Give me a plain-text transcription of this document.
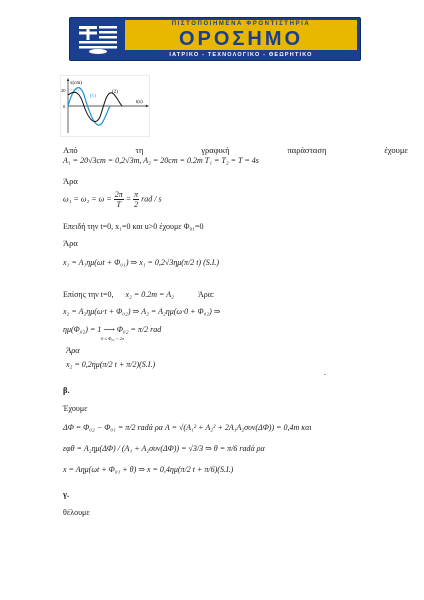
ΠΙΣΤΟΠΟΙΗΜΕΝΑ ΦΡΟΝΤΙΣΤΗΡΙΑ
ΟΡΟΣΗΜΟ
ΙΑΤΡΙΚΟ - ΤΕΧΝΟΛΟΓΙΚΟ - ΘΕΩΡΗΤΙΚΟ
x(cm)
20
0
t(s)
(1)
(2)
Από	τη	γραφική	παράσταση	έχουμε
A₁ = 20√3cm = 0,2√3m, A₂ = 20cm = 0.2m T₁ = T₂ = T = 4s
Άρα
$\omega_1 = \omega_2 = \omega = \frac{2\pi}{T} = \frac{\pi}{2}$ rad / s
Επειδή την t=0, x₁=0 και u>0 έχουμε Φ₀₁=0
Άρα
x₁ = A₁ημ(ωt + Φ₀₁) ⇒ x₁ = 0,2√3ημ(π/2 t) (S.I.)
Επίσης την t=0, x₂ = 0.2m = A₂	Άρα:
x₂ = A₂ημ(ω·t + Φ₀₂) ⇒ A₂ = A₂ημ(ω·0 + Φ₀₂) ⇒
ημ(Φ₀₂) = 1 ⟶ Φ₀₂ = π/2 rad
0 ≤ Φ₀₂ < 2π
Άρα
x₂ = 0,2ημ(π/2 t + π/2)(S.I.)
.
β.
Έχουμε
ΔΦ = Φ₀₂ − Φ₀₁ = π/2 radά ρα A = √(A₁² + A₂² + 2A₁A₂συν(ΔΦ)) = 0,4m και
εφθ = A₂ημ(ΔΦ) / (A₁ + A₂συν(ΔΦ)) = √3/3 ⇒ θ = π/6 radά ρα
x = Aημ(ωt + Φ₀₁ + θ) ⇒ x = 0,4ημ(π/2 t + π/6)(S.I.)
γ.
θέλουμε
